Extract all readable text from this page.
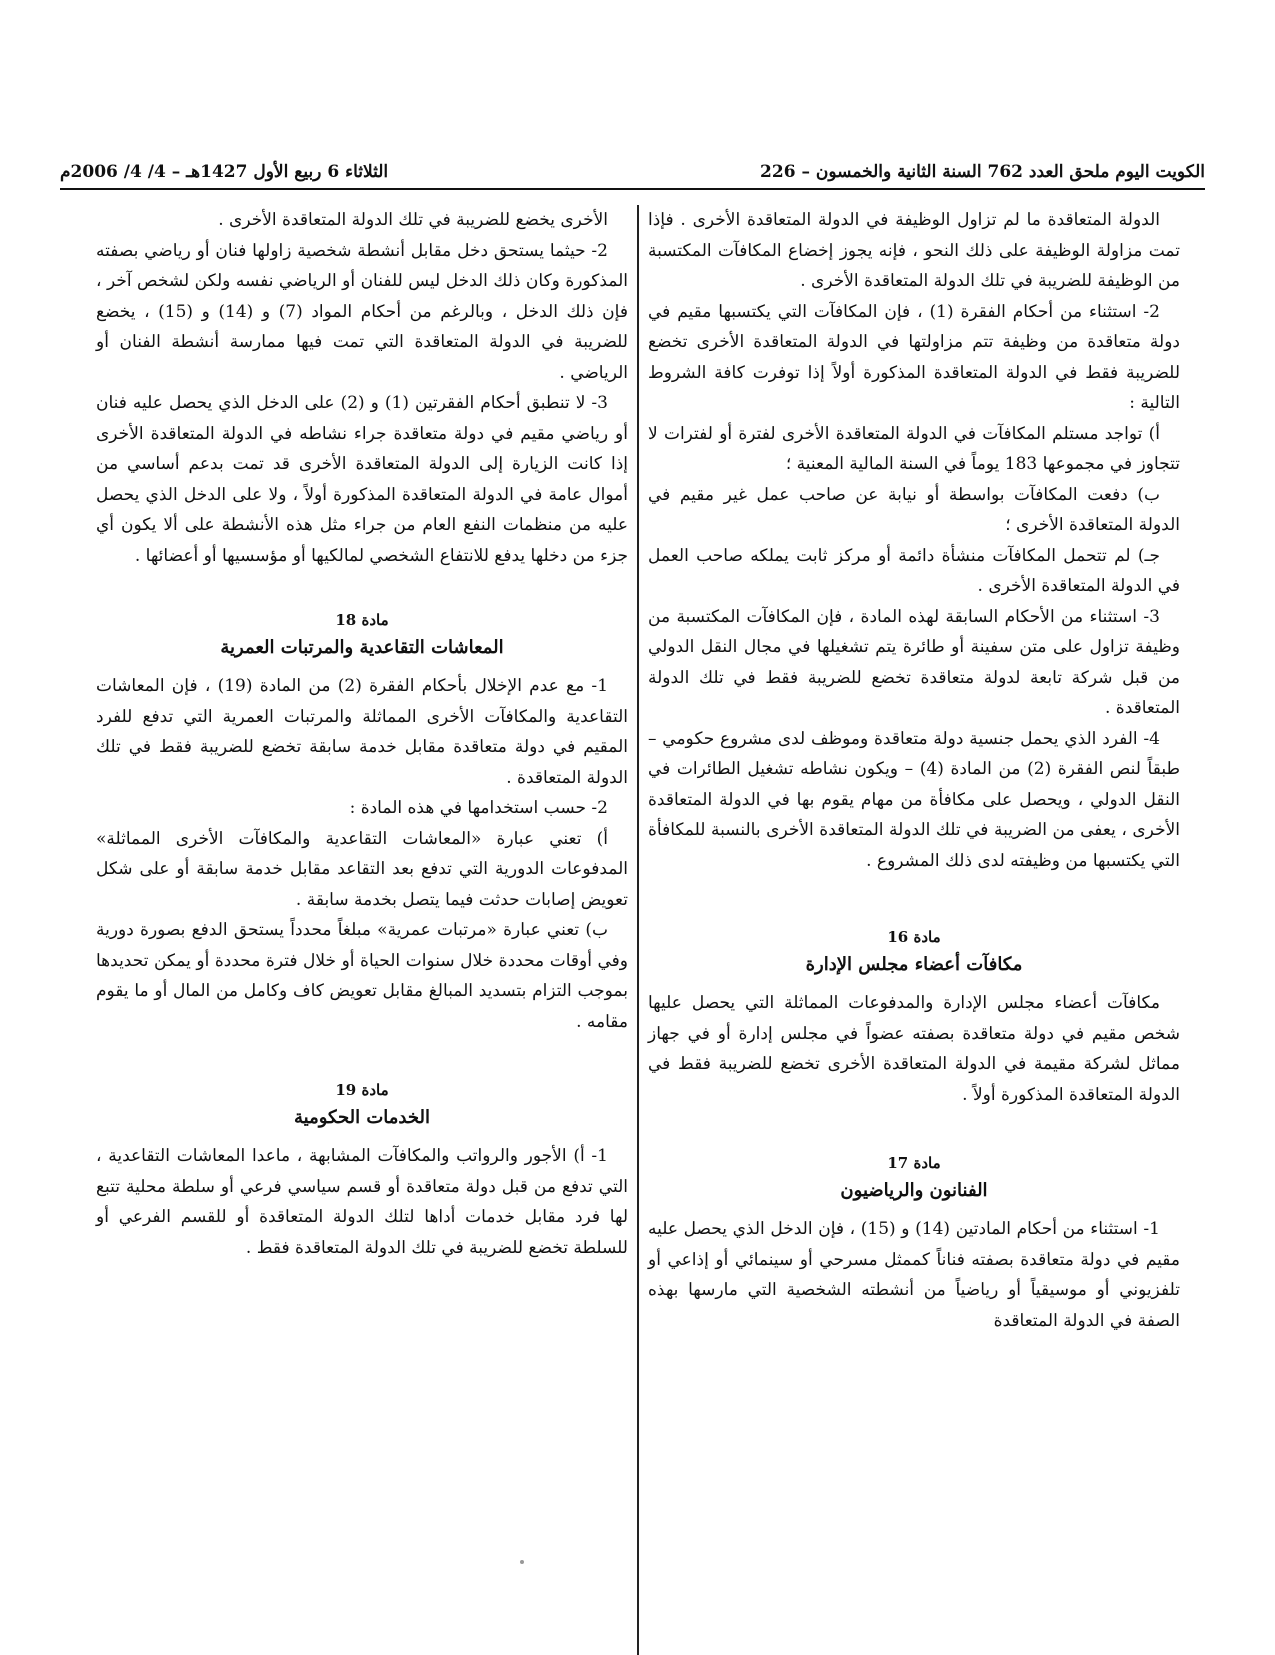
الكويت اليوم ملحق العدد 762 السنة الثانية والخمسون – 226
الثلاثاء 6 ربيع الأول 1427هـ – 4/ 4/ 2006م

الدولة المتعاقدة ما لم تزاول الوظيفة في الدولة المتعاقدة الأخرى . فإذا تمت مزاولة الوظيفة على ذلك النحو ، فإنه يجوز إخضاع المكافآت المكتسبة من الوظيفة للضريبة في تلك الدولة المتعاقدة الأخرى .

2- استثناء من أحكام الفقرة (1) ، فإن المكافآت التي يكتسبها مقيم في دولة متعاقدة من وظيفة تتم مزاولتها في الدولة المتعاقدة الأخرى تخضع للضريبة فقط في الدولة المتعاقدة المذكورة أولاً إذا توفرت كافة الشروط التالية :

أ) تواجد مستلم المكافآت في الدولة المتعاقدة الأخرى لفترة أو لفترات لا تتجاوز في مجموعها 183 يوماً في السنة المالية المعنية ؛

ب) دفعت المكافآت بواسطة أو نيابة عن صاحب عمل غير مقيم في الدولة المتعاقدة الأخرى ؛

جـ) لم تتحمل المكافآت منشأة دائمة أو مركز ثابت يملكه صاحب العمل في الدولة المتعاقدة الأخرى .

3- استثناء من الأحكام السابقة لهذه المادة ، فإن المكافآت المكتسبة من وظيفة تزاول على متن سفينة أو طائرة يتم تشغيلها في مجال النقل الدولي من قبل شركة تابعة لدولة متعاقدة تخضع للضريبة فقط في تلك الدولة المتعاقدة .

4- الفرد الذي يحمل جنسية دولة متعاقدة وموظف لدى مشروع حكومي – طبقاً لنص الفقرة (2) من المادة (4) – ويكون نشاطه تشغيل الطائرات في النقل الدولي ، ويحصل على مكافأة من مهام يقوم بها في الدولة المتعاقدة الأخرى ، يعفى من الضريبة في تلك الدولة المتعاقدة الأخرى بالنسبة للمكافأة التي يكتسبها من وظيفته لدى ذلك المشروع .

مادة 16
مكافآت أعضاء مجلس الإدارة

مكافآت أعضاء مجلس الإدارة والمدفوعات المماثلة التي يحصل عليها شخص مقيم في دولة متعاقدة بصفته عضواً في مجلس إدارة أو في جهاز مماثل لشركة مقيمة في الدولة المتعاقدة الأخرى تخضع للضريبة فقط في الدولة المتعاقدة المذكورة أولاً .

مادة 17
الفنانون والرياضيون

1- استثناء من أحكام المادتين (14) و (15) ، فإن الدخل الذي يحصل عليه مقيم في دولة متعاقدة بصفته فناناً كممثل مسرحي أو سينمائي أو إذاعي أو تلفزيوني أو موسيقياً أو رياضياً من أنشطته الشخصية التي مارسها بهذه الصفة في الدولة المتعاقدة

الأخرى يخضع للضريبة في تلك الدولة المتعاقدة الأخرى .

2- حيثما يستحق دخل مقابل أنشطة شخصية زاولها فنان أو رياضي بصفته المذكورة وكان ذلك الدخل ليس للفنان أو الرياضي نفسه ولكن لشخص آخر ، فإن ذلك الدخل ، وبالرغم من أحكام المواد (7) و (14) و (15) ، يخضع للضريبة في الدولة المتعاقدة التي تمت فيها ممارسة أنشطة الفنان أو الرياضي .

3- لا تنطبق أحكام الفقرتين (1) و (2) على الدخل الذي يحصل عليه فنان أو رياضي مقيم في دولة متعاقدة جراء نشاطه في الدولة المتعاقدة الأخرى إذا كانت الزيارة إلى الدولة المتعاقدة الأخرى قد تمت بدعم أساسي من أموال عامة في الدولة المتعاقدة المذكورة أولاً ، ولا على الدخل الذي يحصل عليه من منظمات النفع العام من جراء مثل هذه الأنشطة على ألا يكون أي جزء من دخلها يدفع للانتفاع الشخصي لمالكيها أو مؤسسيها أو أعضائها .

مادة 18
المعاشات التقاعدية والمرتبات العمرية

1- مع عدم الإخلال بأحكام الفقرة (2) من المادة (19) ، فإن المعاشات التقاعدية والمكافآت الأخرى المماثلة والمرتبات العمرية التي تدفع للفرد المقيم في دولة متعاقدة مقابل خدمة سابقة تخضع للضريبة فقط في تلك الدولة المتعاقدة .

2- حسب استخدامها في هذه المادة :

أ) تعني عبارة «المعاشات التقاعدية والمكافآت الأخرى المماثلة» المدفوعات الدورية التي تدفع بعد التقاعد مقابل خدمة سابقة أو على شكل تعويض إصابات حدثت فيما يتصل بخدمة سابقة .

ب) تعني عبارة «مرتبات عمرية» مبلغاً محدداً يستحق الدفع بصورة دورية وفي أوقات محددة خلال سنوات الحياة أو خلال فترة محددة أو يمكن تحديدها بموجب التزام بتسديد المبالغ مقابل تعويض كاف وكامل من المال أو ما يقوم مقامه .

مادة 19
الخدمات الحكومية

1- أ) الأجور والرواتب والمكافآت المشابهة ، ماعدا المعاشات التقاعدية ، التي تدفع من قبل دولة متعاقدة أو قسم سياسي فرعي أو سلطة محلية تتبع لها فرد مقابل خدمات أداها لتلك الدولة المتعاقدة أو للقسم الفرعي أو للسلطة تخضع للضريبة في تلك الدولة المتعاقدة فقط .
